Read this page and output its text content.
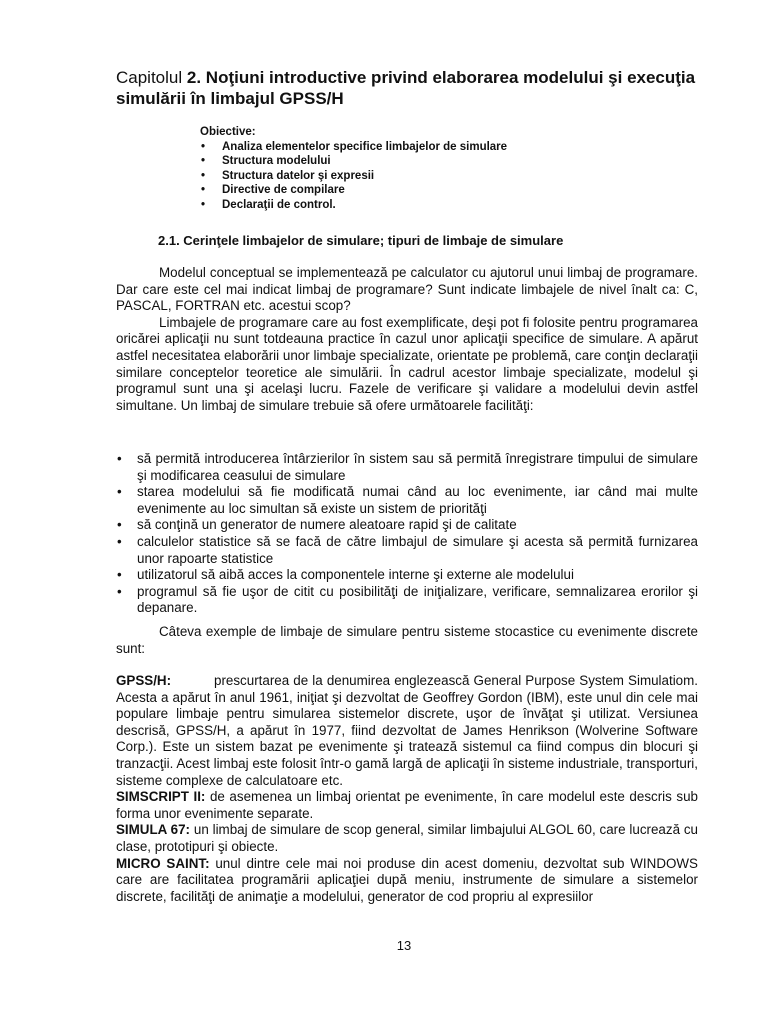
Capitolul 2. Noţiuni introductive privind elaborarea modelului şi execuţia simulării în limbajul GPSS/H
Obiective:
• Analiza elementelor specifice limbajelor de simulare
• Structura modelului
• Structura datelor şi expresii
• Directive de compilare
• Declaraţii de control.
2.1. Cerinţele limbajelor de simulare; tipuri de limbaje de simulare

Modelul conceptual se implementează pe calculator cu ajutorul unui limbaj de programare. Dar care este cel mai indicat limbaj de programare? Sunt indicate limbajele de nivel înalt ca: C, PASCAL, FORTRAN etc. acestui scop?

Limbajele de programare care au fost exemplificate, deşi pot fi folosite pentru programarea oricărei aplicaţii nu sunt totdeauna practice în cazul unor aplicaţii specifice de simulare. A apărut astfel necesitatea elaborării unor limbaje specializate, orientate pe problemă, care conţin declaraţii similare conceptelor teoretice ale simulării. În cadrul acestor limbaje specializate, modelul şi programul sunt una şi acelaşi lucru. Fazele de verificare şi validare a modelului devin astfel simultane. Un limbaj de simulare trebuie să ofere următoarele facilităţi:

• să permită introducerea întârzierilor în sistem sau să permită înregistrare timpului de simulare şi modificarea ceasului de simulare
• starea modelului să fie modificată numai când au loc evenimente, iar când mai multe evenimente au loc simultan să existe un sistem de priorităţi
• să conţină un generator de numere aleatoare rapid şi de calitate
• calculelor statistice să se facă de către limbajul de simulare şi acesta să permită furnizarea unor rapoarte statistice
• utilizatorul să aibă acces la componentele interne şi externe ale modelului
• programul să fie uşor de citit cu posibilităţi de iniţializare, verificare, semnalizarea erorilor şi depanare.

Câteva exemple de limbaje de simulare pentru sisteme stocastice cu evenimente discrete sunt:

GPSS/H:	prescurtarea de la denumirea englezească General Purpose System Simulatiom. Acesta a apărut în anul 1961, iniţiat şi dezvoltat de Geoffrey Gordon (IBM), este unul din cele mai populare limbaje pentru simularea sistemelor discrete, uşor de învăţat şi utilizat. Versiunea descrisă, GPSS/H, a apărut în 1977, fiind dezvoltat de James Henrikson (Wolverine Software Corp.). Este un sistem bazat pe evenimente şi tratează sistemul ca fiind compus din blocuri şi tranzacţii. Acest limbaj este folosit într-o gamă largă de aplicaţii în sisteme industriale, transporturi, sisteme complexe de calculatoare etc.

SIMSCRIPT II: de asemenea un limbaj orientat pe evenimente, în care modelul este descris sub forma unor evenimente separate.

SIMULA 67: un limbaj de simulare de scop general, similar limbajului ALGOL 60, care lucrează cu clase, prototipuri şi obiecte.

MICRO SAINT: unul dintre cele mai noi produse din acest domeniu, dezvoltat sub WINDOWS care are facilitatea programării aplicaţiei după meniu, instrumente de simulare a sistemelor discrete, facilităţi de animaţie a modelului, generator de cod propriu al expresiilor

13
